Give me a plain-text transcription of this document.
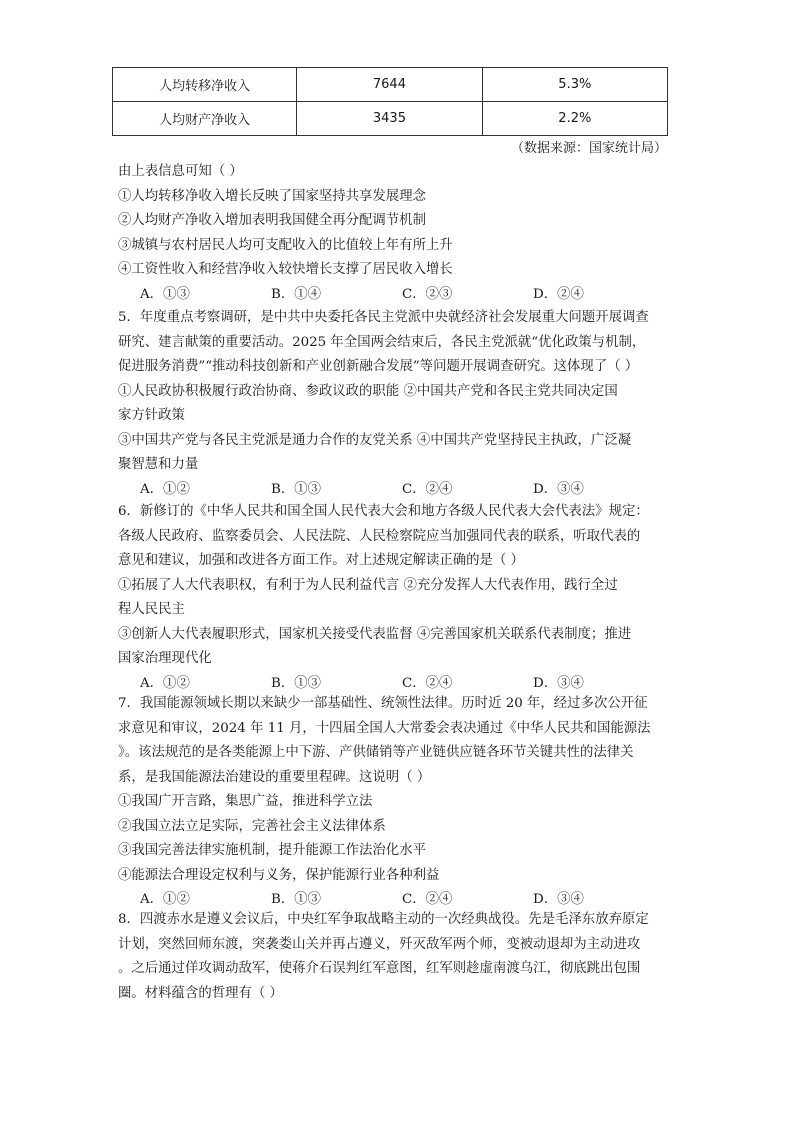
人均转移净收入	7644	5.3%
人均财产净收入	3435	2.2%
（数据来源：国家统计局）
由上表信息可知（ ）
①人均转移净收入增长反映了国家坚持共享发展理念
②人均财产净收入增加表明我国健全再分配调节机制
③城镇与农村居民人均可支配收入的比值较上年有所上升
④工资性收入和经营净收入较快增长支撑了居民收入增长
A．①③	B．①④	C．②③	D．②④
5．年度重点考察调研，是中共中央委托各民主党派中央就经济社会发展重大问题开展调查
研究、建言献策的重要活动。2025 年全国两会结束后，各民主党派就“优化政策与机制，
促进服务消费”“推动科技创新和产业创新融合发展”等问题开展调查研究。这体现了（ ）
①人民政协积极履行政治协商、参政议政的职能 ②中国共产党和各民主党共同决定国
家方针政策
③中国共产党与各民主党派是通力合作的友党关系 ④中国共产党坚持民主执政，广泛凝
聚智慧和力量
A．①②	B．①③	C．②④	D．③④
6．新修订的《中华人民共和国全国人民代表大会和地方各级人民代表大会代表法》规定：
各级人民政府、监察委员会、人民法院、人民检察院应当加强同代表的联系，听取代表的
意见和建议，加强和改进各方面工作。对上述规定解读正确的是（ ）
①拓展了人大代表职权，有利于为人民利益代言 ②充分发挥人大代表作用，践行全过
程人民民主
③创新人大代表履职形式，国家机关接受代表监督 ④完善国家机关联系代表制度；推进
国家治理现代化
A．①②	B．①③	C．②④	D．③④
7．我国能源领域长期以来缺少一部基础性、统领性法律。历时近 20 年，经过多次公开征
求意见和审议，2024 年 11 月，十四届全国人大常委会表决通过《中华人民共和国能源法
》。该法规范的是各类能源上中下游、产供储销等产业链供应链各环节关键共性的法律关
系，是我国能源法治建设的重要里程碑。这说明（ ）
①我国广开言路，集思广益，推进科学立法
②我国立法立足实际，完善社会主义法律体系
③我国完善法律实施机制，提升能源工作法治化水平
④能源法合理设定权利与义务，保护能源行业各种利益
A．①②	B．①③	C．②④	D．③④
8．四渡赤水是遵义会议后，中央红军争取战略主动的一次经典战役。先是毛泽东放弃原定
计划，突然回师东渡，突袭娄山关并再占遵义，歼灭敌军两个师，变被动退却为主动进攻
。之后通过佯攻调动敌军，使蒋介石误判红军意图，红军则趁虚南渡乌江，彻底跳出包围
圈。材料蕴含的哲理有（ ）
